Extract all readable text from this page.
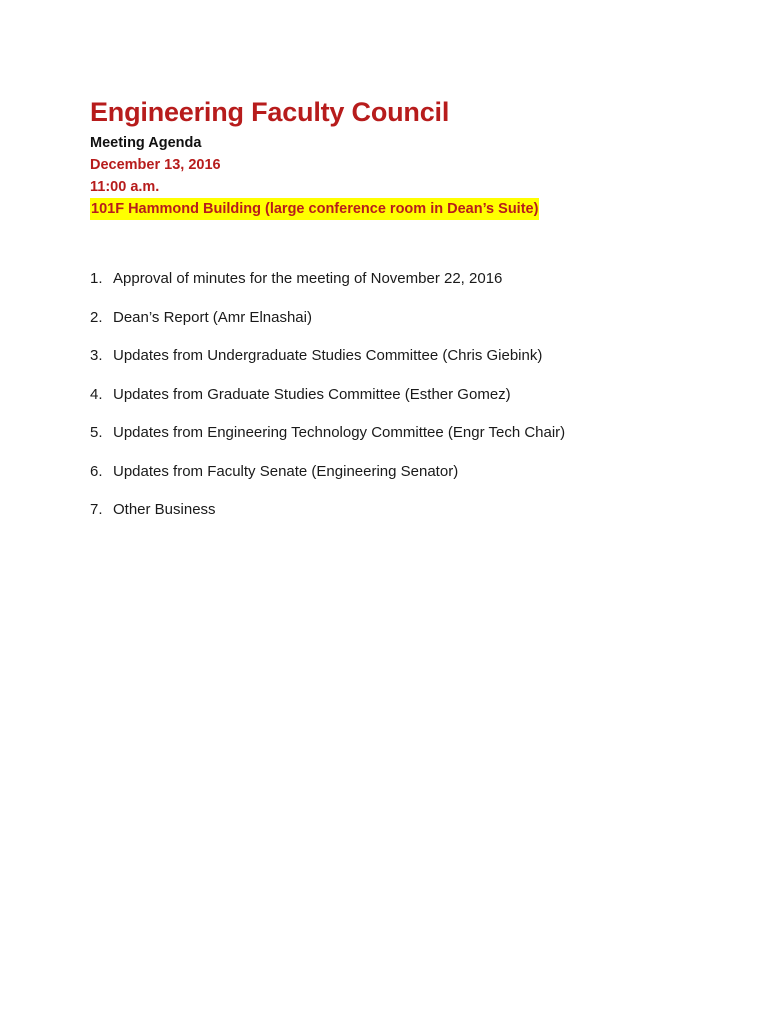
Engineering Faculty Council
Meeting Agenda
December 13, 2016
11:00 a.m.
101F Hammond Building (large conference room in Dean’s Suite)
1. Approval of minutes for the meeting of November 22, 2016
2. Dean’s Report (Amr Elnashai)
3. Updates from Undergraduate Studies Committee (Chris Giebink)
4. Updates from Graduate Studies Committee (Esther Gomez)
5. Updates from Engineering Technology Committee (Engr Tech Chair)
6. Updates from Faculty Senate (Engineering Senator)
7. Other Business
